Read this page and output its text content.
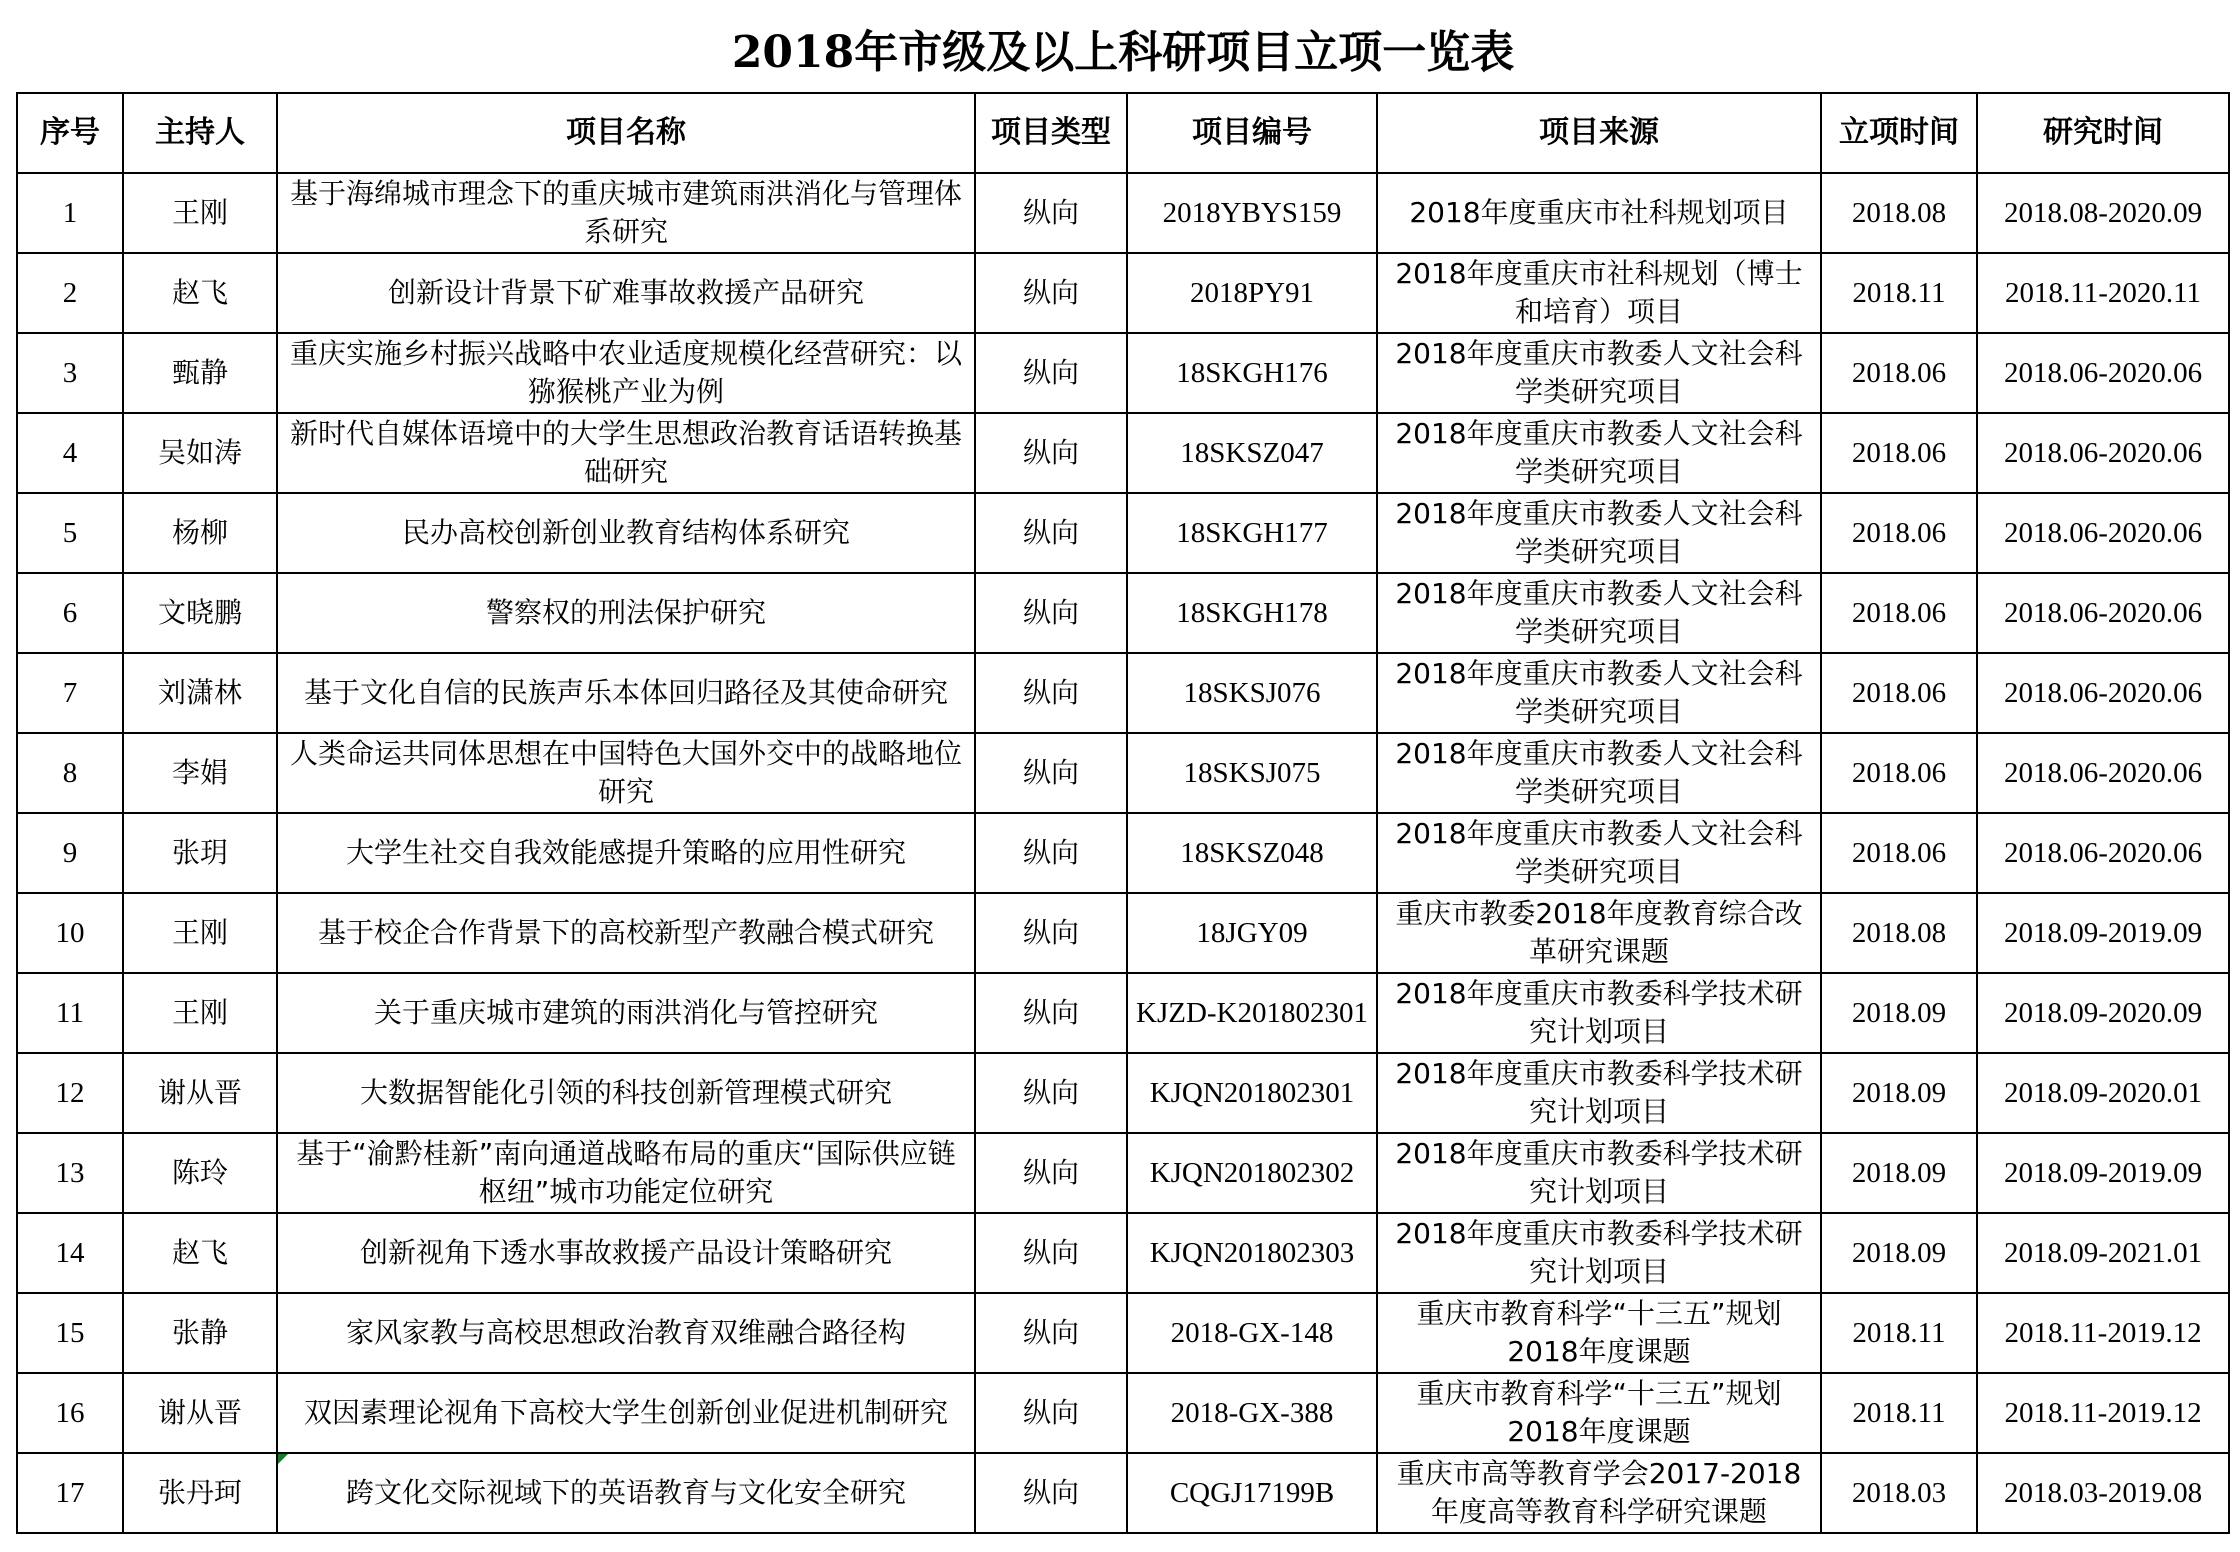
2018年市级及以上科研项目立项一览表							
序号	主持人	项目名称	项目类型	项目编号	项目来源	立项时间	研究时间
1	王刚	基于海绵城市理念下的重庆城市建筑雨洪消化与管理体系研究	纵向	2018YBYS159	2018年度重庆市社科规划项目	2018.08	2018.08-2020.09
2	赵飞	创新设计背景下矿难事故救援产品研究	纵向	2018PY91	2018年度重庆市社科规划（博士和培育）项目	2018.11	2018.11-2020.11
3	甄静	重庆实施乡村振兴战略中农业适度规模化经营研究：以猕猴桃产业为例	纵向	18SKGH176	2018年度重庆市教委人文社会科学类研究项目	2018.06	2018.06-2020.06
4	吴如涛	新时代自媒体语境中的大学生思想政治教育话语转换基础研究	纵向	18SKSZ047	2018年度重庆市教委人文社会科学类研究项目	2018.06	2018.06-2020.06
5	杨柳	民办高校创新创业教育结构体系研究	纵向	18SKGH177	2018年度重庆市教委人文社会科学类研究项目	2018.06	2018.06-2020.06
6	文晓鹏	警察权的刑法保护研究	纵向	18SKGH178	2018年度重庆市教委人文社会科学类研究项目	2018.06	2018.06-2020.06
7	刘潇林	基于文化自信的民族声乐本体回归路径及其使命研究	纵向	18SKSJ076	2018年度重庆市教委人文社会科学类研究项目	2018.06	2018.06-2020.06
8	李娟	人类命运共同体思想在中国特色大国外交中的战略地位研究	纵向	18SKSJ075	2018年度重庆市教委人文社会科学类研究项目	2018.06	2018.06-2020.06
9	张玥	大学生社交自我效能感提升策略的应用性研究	纵向	18SKSZ048	2018年度重庆市教委人文社会科学类研究项目	2018.06	2018.06-2020.06
10	王刚	基于校企合作背景下的高校新型产教融合模式研究	纵向	18JGY09	重庆市教委2018年度教育综合改革研究课题	2018.08	2018.09-2019.09
11	王刚	关于重庆城市建筑的雨洪消化与管控研究	纵向	KJZD-K201802301	2018年度重庆市教委科学技术研究计划项目	2018.09	2018.09-2020.09
12	谢从晋	大数据智能化引领的科技创新管理模式研究	纵向	KJQN201802301	2018年度重庆市教委科学技术研究计划项目	2018.09	2018.09-2020.01
13	陈玲	基于“渝黔桂新”南向通道战略布局的重庆“国际供应链枢纽”城市功能定位研究	纵向	KJQN201802302	2018年度重庆市教委科学技术研究计划项目	2018.09	2018.09-2019.09
14	赵飞	创新视角下透水事故救援产品设计策略研究	纵向	KJQN201802303	2018年度重庆市教委科学技术研究计划项目	2018.09	2018.09-2021.01
15	张静	家风家教与高校思想政治教育双维融合路径构	纵向	2018-GX-148	重庆市教育科学“十三五”规划2018年度课题	2018.11	2018.11-2019.12
16	谢从晋	双因素理论视角下高校大学生创新创业促进机制研究	纵向	2018-GX-388	重庆市教育科学“十三五”规划2018年度课题	2018.11	2018.11-2019.12
17	张丹珂	跨文化交际视域下的英语教育与文化安全研究	纵向	CQGJ17199B	重庆市高等教育学会2017-2018年度高等教育科学研究课题	2018.03	2018.03-2019.08
